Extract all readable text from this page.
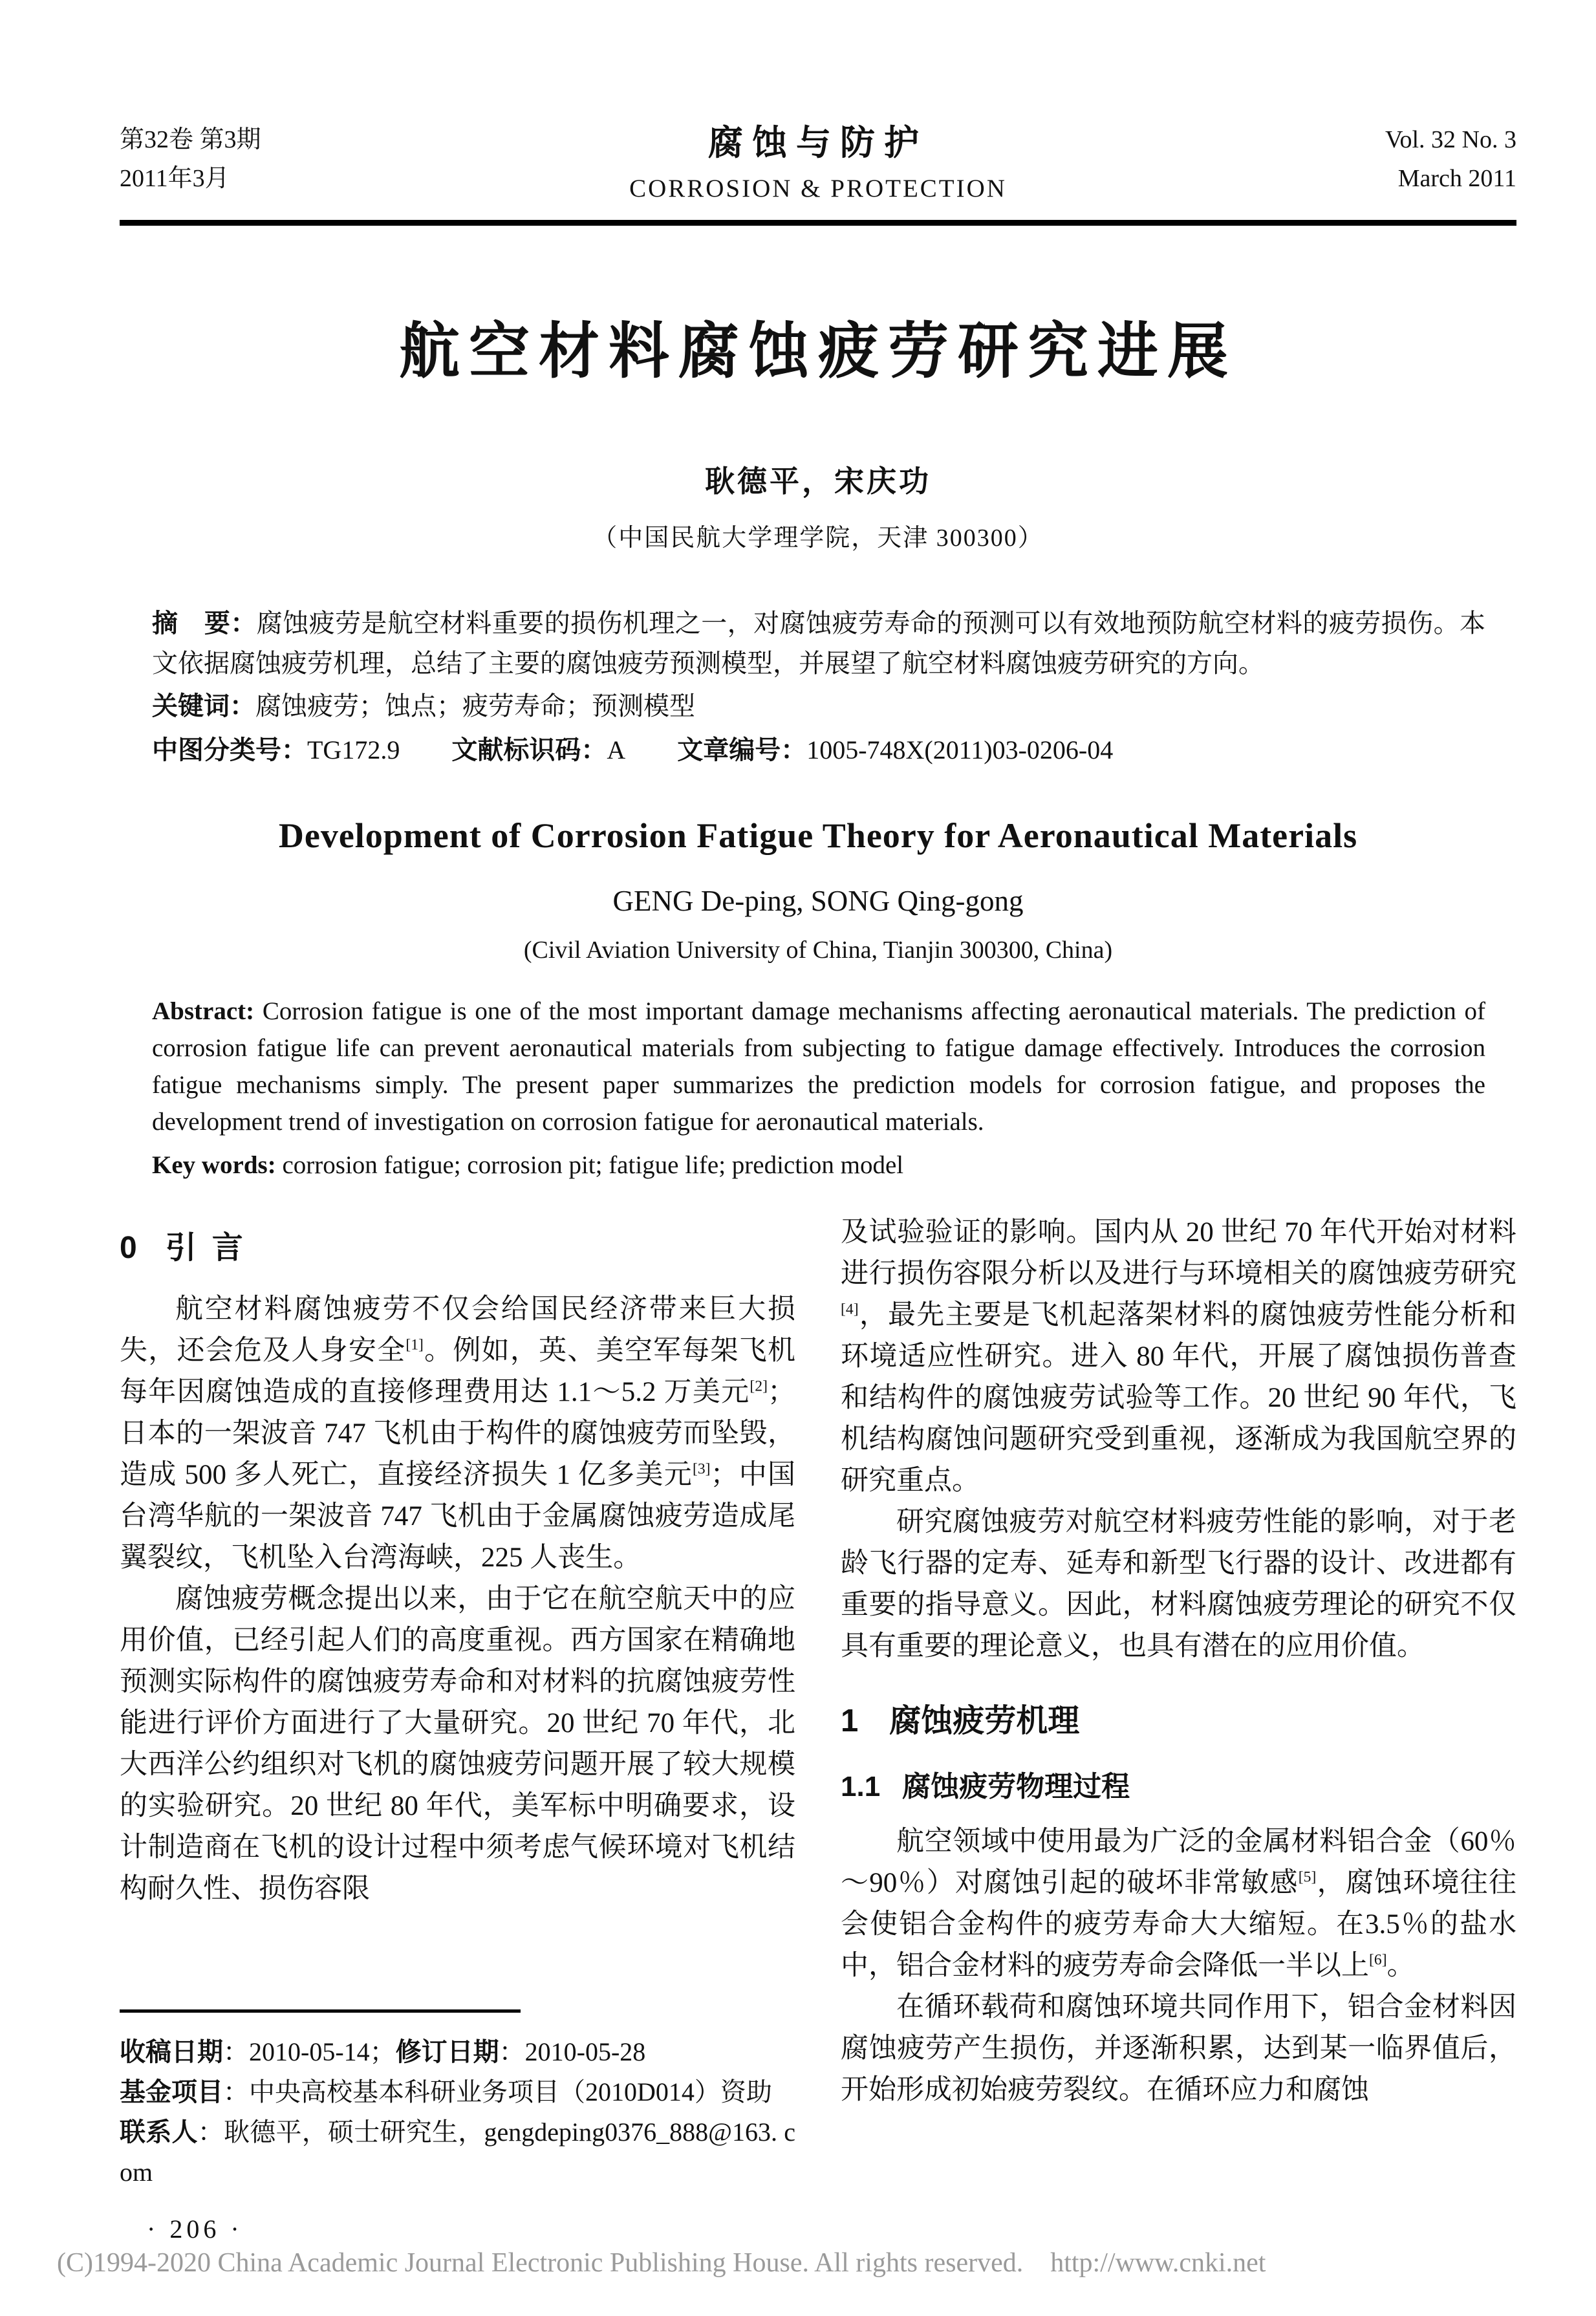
第32卷 第3期
2011年3月
腐蚀与防护
CORROSION & PROTECTION
Vol. 32 No. 3
March 2011
航空材料腐蚀疲劳研究进展
耿德平，宋庆功
（中国民航大学理学院，天津 300300）

摘　要：腐蚀疲劳是航空材料重要的损伤机理之一，对腐蚀疲劳寿命的预测可以有效地预防航空材料的疲劳损伤。本文依据腐蚀疲劳机理，总结了主要的腐蚀疲劳预测模型，并展望了航空材料腐蚀疲劳研究的方向。

关键词：腐蚀疲劳；蚀点；疲劳寿命；预测模型

中图分类号：TG172.9 文献标识码：A 文章编号：1005-748X(2011)03-0206-04

Development of Corrosion Fatigue Theory for Aeronautical Materials
GENG De-ping, SONG Qing-gong
(Civil Aviation University of China, Tianjin 300300, China)

Abstract: Corrosion fatigue is one of the most important damage mechanisms affecting aeronautical materials. The prediction of corrosion fatigue life can prevent aeronautical materials from subjecting to fatigue damage effectively. Introduces the corrosion fatigue mechanisms simply. The present paper summarizes the prediction models for corrosion fatigue, and proposes the development trend of investigation on corrosion fatigue for aeronautical materials.

Key words: corrosion fatigue; corrosion pit; fatigue life; prediction model

0 引言

航空材料腐蚀疲劳不仅会给国民经济带来巨大损失，还会危及人身安全[1]。例如，英、美空军每架飞机每年因腐蚀造成的直接修理费用达 1.1～5.2 万美元[2]；日本的一架波音 747 飞机由于构件的腐蚀疲劳而坠毁，造成 500 多人死亡，直接经济损失 1 亿多美元[3]；中国台湾华航的一架波音 747 飞机由于金属腐蚀疲劳造成尾翼裂纹，飞机坠入台湾海峡，225 人丧生。

腐蚀疲劳概念提出以来，由于它在航空航天中的应用价值，已经引起人们的高度重视。西方国家在精确地预测实际构件的腐蚀疲劳寿命和对材料的抗腐蚀疲劳性能进行评价方面进行了大量研究。20 世纪 70 年代，北大西洋公约组织对飞机的腐蚀疲劳问题开展了较大规模的实验研究。20 世纪 80 年代，美军标中明确要求，设计制造商在飞机的设计过程中须考虑气候环境对飞机结构耐久性、损伤容限

收稿日期：2010-05-14；修订日期：2010-05-28

基金项目：中央高校基本科研业务项目（2010D014）资助

联系人：耿德平，硕士研究生，gengdeping0376_888@163. com

· 206 ·

及试验验证的影响。国内从 20 世纪 70 年代开始对材料进行损伤容限分析以及进行与环境相关的腐蚀疲劳研究[4]，最先主要是飞机起落架材料的腐蚀疲劳性能分析和环境适应性研究。进入 80 年代，开展了腐蚀损伤普查和结构件的腐蚀疲劳试验等工作。20 世纪 90 年代，飞机结构腐蚀问题研究受到重视，逐渐成为我国航空界的研究重点。

研究腐蚀疲劳对航空材料疲劳性能的影响，对于老龄飞行器的定寿、延寿和新型飞行器的设计、改进都有重要的指导意义。因此，材料腐蚀疲劳理论的研究不仅具有重要的理论意义，也具有潜在的应用价值。

1 腐蚀疲劳机理
1.1 腐蚀疲劳物理过程

航空领域中使用最为广泛的金属材料铝合金（60％～90％）对腐蚀引起的破坏非常敏感[5]，腐蚀环境往往会使铝合金构件的疲劳寿命大大缩短。在3.5％的盐水中，铝合金材料的疲劳寿命会降低一半以上[6]。

在循环载荷和腐蚀环境共同作用下，铝合金材料因腐蚀疲劳产生损伤，并逐渐积累，达到某一临界值后，开始形成初始疲劳裂纹。在循环应力和腐蚀

(C)1994-2020 China Academic Journal Electronic Publishing House. All rights reserved.    http://www.cnki.net
